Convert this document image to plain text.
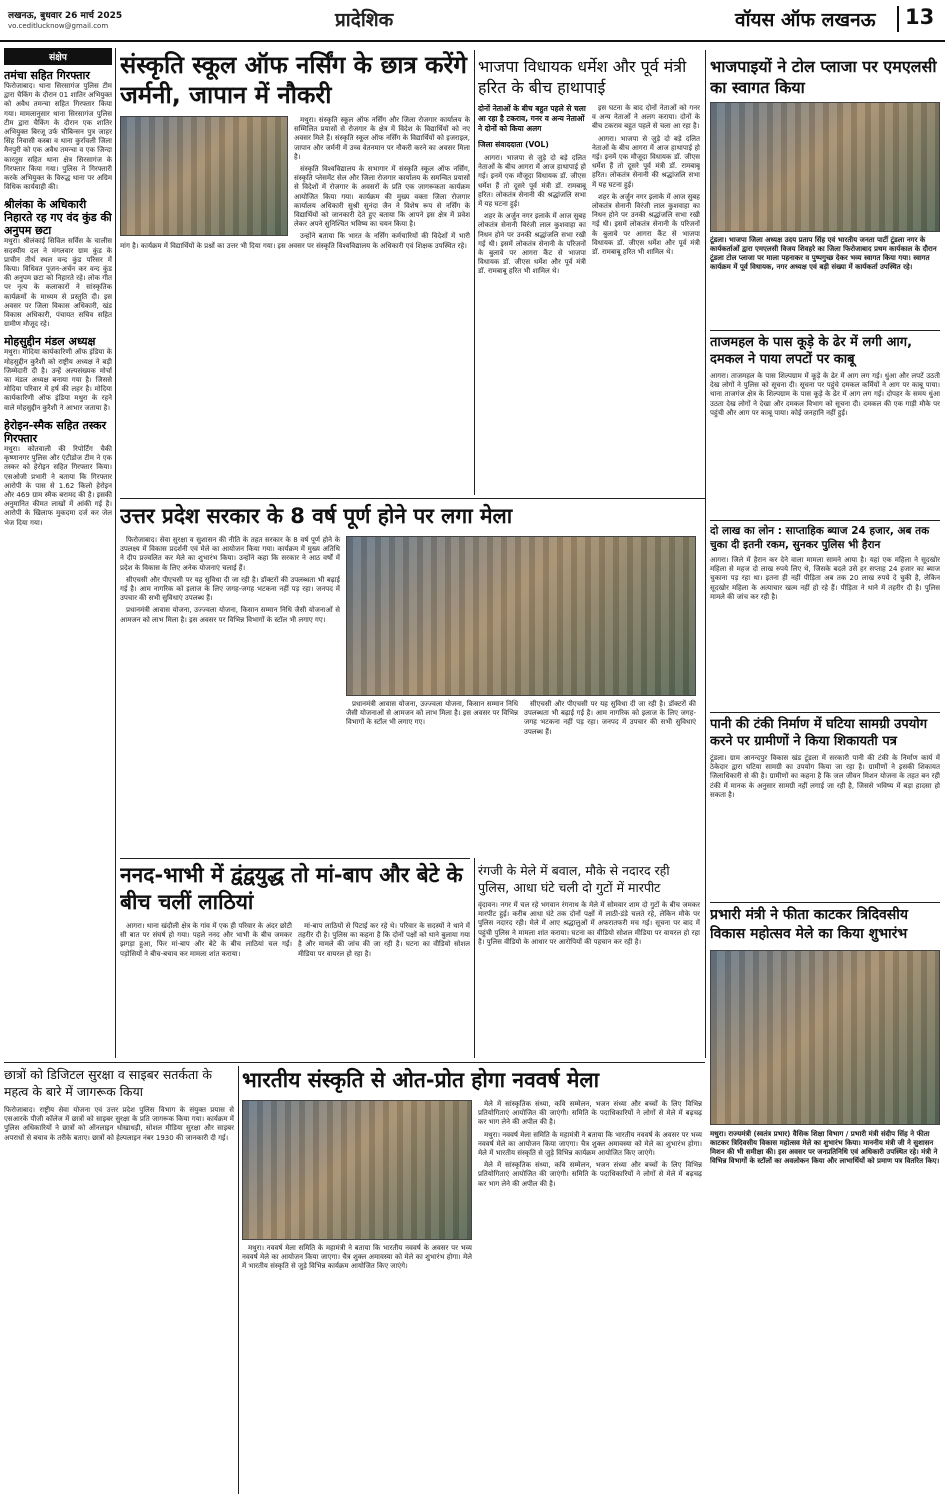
लखनऊ, बुधवार 26 मार्च 2025
vo.ceditlucknow@gmail.com	प्रादेशिक	वॉयस ऑफ लखनऊ 13
संक्षेप
तमंचा सहित गिरफ्तार
फिरोजाबाद। थाना सिरसागंज पुलिस टीम द्वारा चैकिंग के दौरान 01 शातिर अभियुक्त को अवैध तमन्चा सहित गिरफ्तार किया गया। मामलानुसार थाना सिरसागंज पुलिस टीम द्वारा चैकिंग के दौरान एक शातिर अभियुक्त बिरजू उर्फ चौबिन्सन पुत्र जाहर सिंह निवासी कस्बा व थाना कुर्रावली जिला मैनपुरी को एक अवैध तमन्चा व एक जिन्दा कारतूस सहित थाना क्षेत्र सिरसागंज के गिरफ्तार किया गया। पुलिस ने गिरफ्तारी करके अभियुक्त के विरुद्ध थाना पर अग्रिम विधिक कार्यवाही की।
श्रीलंका के अधिकारी निहारते रह गए वंद कुंड की अनुपम छटा
मथुरा। श्रीलंकाई सिविल सर्विस के चालीस सदस्यीय दल ने मंगलवार ग्राम कुंड के प्राचीन तीर्थ स्थल वन्द कुंड परिसर में किया। विधिवत पूजन-अर्चन कर वन्द कुंड की अनुपम छटा को निहारते रहे। लोक गीत पर नृत्य के कलाकारों ने सांस्कृतिक कार्यक्रमों के माध्यम से प्रस्तुति दी। इस अवसर पर जिला विकास अधिकारी, खंड विकास अधिकारी, पंचायत सचिव सहित ग्रामीण मौजूद रहे।
मोहसुद्दीन मंडल अध्यक्ष
मथुरा। मोदिया कार्यकारिणी ऑफ इंडिया के मोहसुद्दीन कुरैशी को राष्ट्रीय अध्यक्ष ने बड़ी जिम्मेदारी दी है। उन्हें अल्पसंख्यक मोर्चा का मंडल अध्यक्ष बनाया गया है। जिससे मोदिया परिवार में हर्ष की लहर है। मोदिया कार्यकारिणी ऑफ इंडिया मथुरा के रहने वाले मोहसुद्दीन कुरैशी ने आभार जताया है।
हेरोइन-स्मैक सहित तस्कर गिरफ्तार
मथुरा। कोतवाली की रिपोर्टिंग चैकी कृष्णानगर पुलिस और एंटीडोज टीम ने एक तस्कर को हेरोइन सहित गिरफ्तार किया। एसओजी प्रभारी ने बताया कि गिरफ्तार आरोपी के पास से 1.62 किलो हेरोइन और 469 ग्राम स्मैक बरामद की है। इसकी अनुमानित कीमत लाखों में आंकी गई है। आरोपी के खिलाफ मुकदमा दर्ज कर जेल भेज दिया गया।
संस्कृति स्कूल ऑफ नर्सिंग के छात्र करेंगे जर्मनी, जापान में नौकरी

मथुरा। संस्कृति स्कूल ऑफ नर्सिंग और जिला रोजगार कार्यालय के सम्मिलित प्रयासों से रोजगार के क्षेत्र में विदेश के विद्यार्थियों को नए अवसर मिले हैं। संस्कृति स्कूल ऑफ नर्सिंग के विद्यार्थियों को इजराइल, जापान और जर्मनी में उच्च वेतनमान पर नौकरी करने का अवसर मिला है।

संस्कृति विश्वविद्यालय के सभागार में संस्कृति स्कूल ऑफ नर्सिंग, संस्कृति प्लेसमेंट सेल और जिला रोजगार कार्यालय के समन्वित प्रयासों से विदेशों में रोजगार के अवसरों के प्रति एक जागरूकता कार्यक्रम आयोजित किया गया। कार्यक्रम की मुख्य वक्ता जिला रोजगार कार्यालय अधिकारी सुश्री सुनंदा जैन ने विशेष रूप से नर्सिंग के विद्यार्थियों को जानकारी देते हुए बताया कि आपने इस क्षेत्र में प्रवेश लेकर अपने सुनिश्चित भविष्य का चयन किया है।

उन्होंने बताया कि भारत के नर्सिंग कर्मचारियों की विदेशों में भारी मांग है। कार्यक्रम में विद्यार्थियों के प्रश्नों का उत्तर भी दिया गया। इस अवसर पर संस्कृति विश्वविद्यालय के अधिकारी एवं शिक्षक उपस्थित रहे।

भाजपा विधायक धर्मेश और पूर्व मंत्री हरित के बीच हाथापाई
दोनों नेताओं के बीच बहुत पहले से चला आ रहा है टकराव, गनर व अन्य नेताओं ने दोनों को किया अलग
जिला संवाददाता (VOL)

आगरा। भाजपा से जुड़े दो बड़े दलित नेताओं के बीच आगरा में आज हाथापाई हो गई। इनमें एक मौजूदा विधायक डॉ. जीएस धर्मेश हैं तो दूसरे पूर्व मंत्री डॉ. रामबाबू हरित। लोकतंत्र सेनानी की श्रद्धांजलि सभा में यह घटना हुई।

शहर के अर्जुन नगर इलाके में आज सुबह लोकतंत्र सेनानी विरंजी लाल कुशवाहा का निधन होने पर उनकी श्रद्धांजलि सभा रखी गई थी। इसमें लोकतंत्र सेनानी के परिजनों के बुलावे पर आगरा कैंट से भाजपा विधायक डॉ. जीएस धर्मेश और पूर्व मंत्री डॉ. रामबाबू हरित भी शामिल थे।

इस घटना के बाद दोनों नेताओं को गनर व अन्य नेताओं ने अलग कराया। दोनों के बीच टकराव बहुत पहले से चला आ रहा है।

आगरा। भाजपा से जुड़े दो बड़े दलित नेताओं के बीच आगरा में आज हाथापाई हो गई। इनमें एक मौजूदा विधायक डॉ. जीएस धर्मेश हैं तो दूसरे पूर्व मंत्री डॉ. रामबाबू हरित। लोकतंत्र सेनानी की श्रद्धांजलि सभा में यह घटना हुई।

शहर के अर्जुन नगर इलाके में आज सुबह लोकतंत्र सेनानी विरंजी लाल कुशवाहा का निधन होने पर उनकी श्रद्धांजलि सभा रखी गई थी। इसमें लोकतंत्र सेनानी के परिजनों के बुलावे पर आगरा कैंट से भाजपा विधायक डॉ. जीएस धर्मेश और पूर्व मंत्री डॉ. रामबाबू हरित भी शामिल थे।

भाजपाइयों ने टोल प्लाजा पर एमएलसी का स्वागत किया
टूंडला। भाजपा जिला अध्यक्ष उदय प्रताप सिंह एवं भारतीय जनता पार्टी टूंडला नगर के कार्यकर्ताओं द्वारा एमएलसी विजय शिवहरे का जिला फिरोजाबाद प्रथम कार्यकाल के दौरान टूंडला टोल प्लाजा पर माला पहनाकर व पुष्पगुच्छ देकर भव्य स्वागत किया गया। स्वागत कार्यक्रम में पूर्व विधायक, नगर अध्यक्ष एवं बड़ी संख्या में कार्यकर्ता उपस्थित रहे।
ताजमहल के पास कूड़े के ढेर में लगी आग, दमकल ने पाया लपटों पर काबू
आगरा। ताजमहल के पास शिल्पग्राम में कूड़े के ढेर में आग लग गई। धुंआ और लपटें उठती देख लोगों ने पुलिस को सूचना दी। सूचना पर पहुंचे दमकल कर्मियों ने आग पर काबू पाया। थाना ताजगंज क्षेत्र के शिल्पग्राम के पास कूड़े के ढेर में आग लग गई। दोपहर के समय धुंआ उठता देख लोगों ने देखा और दमकल विभाग को सूचना दी। दमकल की एक गाड़ी मौके पर पहुंची और आग पर काबू पाया। कोई जनहानि नहीं हुई।
दो लाख का लोन : साप्ताहिक ब्याज 24 हजार, अब तक चुका दी इतनी रकम, सुनकर पुलिस भी हैरान
आगरा। जिले में हैरान कर देने वाला मामला सामने आया है। यहां एक महिला ने सूदखोर महिला से महज दो लाख रुपये लिए थे, जिसके बदले उसे हर सप्ताह 24 हजार का ब्याज चुकाना पड़ रहा था। इतना ही नहीं पीड़िता अब तक 20 लाख रुपये दे चुकी है, लेकिन सूदखोर महिला के अत्याचार खत्म नहीं हो रहे हैं। पीड़िता ने थाने में तहरीर दी है। पुलिस मामले की जांच कर रही है।
पानी की टंकी निर्माण में घटिया सामग्री उपयोग करने पर ग्रामीणों ने किया शिकायती पत्र
टूंडला। ग्राम आनन्दपुर विकास खंड टूंडला में सरकारी पानी की टंकी के निर्माण कार्य में ठेकेदार द्वारा घटिया सामग्री का उपयोग किया जा रहा है। ग्रामीणों ने इसकी शिकायत जिलाधिकारी से की है। ग्रामीणों का कहना है कि जल जीवन मिशन योजना के तहत बन रही टंकी में मानक के अनुसार सामग्री नहीं लगाई जा रही है, जिससे भविष्य में बड़ा हादसा हो सकता है।
प्रभारी मंत्री ने फीता काटकर त्रिदिवसीय विकास महोत्सव मेले का किया शुभारंभ
मथुरा। राज्यमंत्री (स्वतंत्र प्रभार) वैसिक शिक्षा विभाग / प्रभारी मंत्री संदीप सिंह ने फीता काटकर त्रिदिवसीय विकास महोत्सव मेले का शुभारंभ किया। माननीय मंत्री जी ने सुशासन मिशन की भी समीक्षा की। इस अवसर पर जनप्रतिनिधि एवं अधिकारी उपस्थित रहे। मंत्री ने विभिन्न विभागों के स्टॉलों का अवलोकन किया और लाभार्थियों को प्रमाण पत्र वितरित किए।
उत्तर प्रदेश सरकार के 8 वर्ष पूर्ण होने पर लगा मेला

फिरोजाबाद। सेवा सुरक्षा व सुशासन की नीति के तहत सरकार के 8 वर्ष पूर्ण होने के उपलक्ष्य में विकास प्रदर्शनी एवं मेले का आयोजन किया गया। कार्यक्रम में मुख्य अतिथि ने दीप प्रज्वलित कर मेले का शुभारंभ किया। उन्होंने कहा कि सरकार ने आठ वर्षों में प्रदेश के विकास के लिए अनेक योजनाएं चलाई हैं।

सीएचसी और पीएचसी पर यह सुविधा दी जा रही है। डॉक्टरों की उपलब्धता भी बढ़ाई गई है। आम नागरिक को इलाज के लिए जगह-जगह भटकना नहीं पड़ रहा। जनपद में उपचार की सभी सुविधाएं उपलब्ध हैं।

प्रधानमंत्री आवास योजना, उज्ज्वला योजना, किसान सम्मान निधि जैसी योजनाओं से आमजन को लाभ मिला है। इस अवसर पर विभिन्न विभागों के स्टॉल भी लगाए गए।

प्रधानमंत्री आवास योजना, उज्ज्वला योजना, किसान सम्मान निधि जैसी योजनाओं से आमजन को लाभ मिला है। इस अवसर पर विभिन्न विभागों के स्टॉल भी लगाए गए।

सीएचसी और पीएचसी पर यह सुविधा दी जा रही है। डॉक्टरों की उपलब्धता भी बढ़ाई गई है। आम नागरिक को इलाज के लिए जगह-जगह भटकना नहीं पड़ रहा। जनपद में उपचार की सभी सुविधाएं उपलब्ध हैं।

ननद-भाभी में द्वंद्वयुद्ध तो मां-बाप और बेटे के बीच चलीं लाठियां

आगरा। थाना खंदौली क्षेत्र के गांव में एक ही परिवार के अंदर छोटी सी बात पर संघर्ष हो गया। पहले ननद और भाभी के बीच जमकर झगड़ा हुआ, फिर मां-बाप और बेटे के बीच लाठियां चल गईं। पड़ोसियों ने बीच-बचाव कर मामला शांत कराया।

मां-बाप लाठियों से पिटाई कर रहे थे। परिवार के सदस्यों ने थाने में तहरीर दी है। पुलिस का कहना है कि दोनों पक्षों को थाने बुलाया गया है और मामले की जांच की जा रही है। घटना का वीडियो सोशल मीडिया पर वायरल हो रहा है।

रंगजी के मेले में बवाल, मौके से नदारद रही पुलिस, आधा घंटे चली दो गुटों में मारपीट
वृंदावन। नगर में चल रहे भगवान रंगनाथ के मेले में सोमवार शाम दो गुटों के बीच जमकर मारपीट हुई। करीब आधा घंटे तक दोनों पक्षों में लाठी-डंडे चलते रहे, लेकिन मौके पर पुलिस नदारद रही। मेले में आए श्रद्धालुओं में अफरातफरी मच गई। सूचना पर बाद में पहुंची पुलिस ने मामला शांत कराया। घटना का वीडियो सोशल मीडिया पर वायरल हो रहा है। पुलिस वीडियो के आधार पर आरोपियों की पहचान कर रही है।
छात्रों को डिजिटल सुरक्षा व साइबर सतर्कता के महत्व के बारे में जागरूक किया
फिरोजाबाद। राष्ट्रीय सेवा योजना एवं उत्तर प्रदेश पुलिस विभाग के संयुक्त प्रयास से एसआरके पीजी कॉलेज में छात्रों को साइबर सुरक्षा के प्रति जागरूक किया गया। कार्यक्रम में पुलिस अधिकारियों ने छात्रों को ऑनलाइन धोखाधड़ी, सोशल मीडिया सुरक्षा और साइबर अपराधों से बचाव के तरीके बताए। छात्रों को हेल्पलाइन नंबर 1930 की जानकारी दी गई।
भारतीय संस्कृति से ओत-प्रोत होगा नववर्ष मेला

मथुरा। नववर्ष मेला समिति के महामंत्री ने बताया कि भारतीय नववर्ष के अवसर पर भव्य नववर्ष मेले का आयोजन किया जाएगा। चैत्र शुक्ल अमावस्या को मेले का शुभारंभ होगा। मेले में भारतीय संस्कृति से जुड़े विभिन्न कार्यक्रम आयोजित किए जाएंगे।

मेले में सांस्कृतिक संध्या, कवि सम्मेलन, भजन संध्या और बच्चों के लिए विभिन्न प्रतियोगिताएं आयोजित की जाएंगी। समिति के पदाधिकारियों ने लोगों से मेले में बढ़चढ़ कर भाग लेने की अपील की है।

मथुरा। नववर्ष मेला समिति के महामंत्री ने बताया कि भारतीय नववर्ष के अवसर पर भव्य नववर्ष मेले का आयोजन किया जाएगा। चैत्र शुक्ल अमावस्या को मेले का शुभारंभ होगा। मेले में भारतीय संस्कृति से जुड़े विभिन्न कार्यक्रम आयोजित किए जाएंगे।

मेले में सांस्कृतिक संध्या, कवि सम्मेलन, भजन संध्या और बच्चों के लिए विभिन्न प्रतियोगिताएं आयोजित की जाएंगी। समिति के पदाधिकारियों ने लोगों से मेले में बढ़चढ़ कर भाग लेने की अपील की है।
